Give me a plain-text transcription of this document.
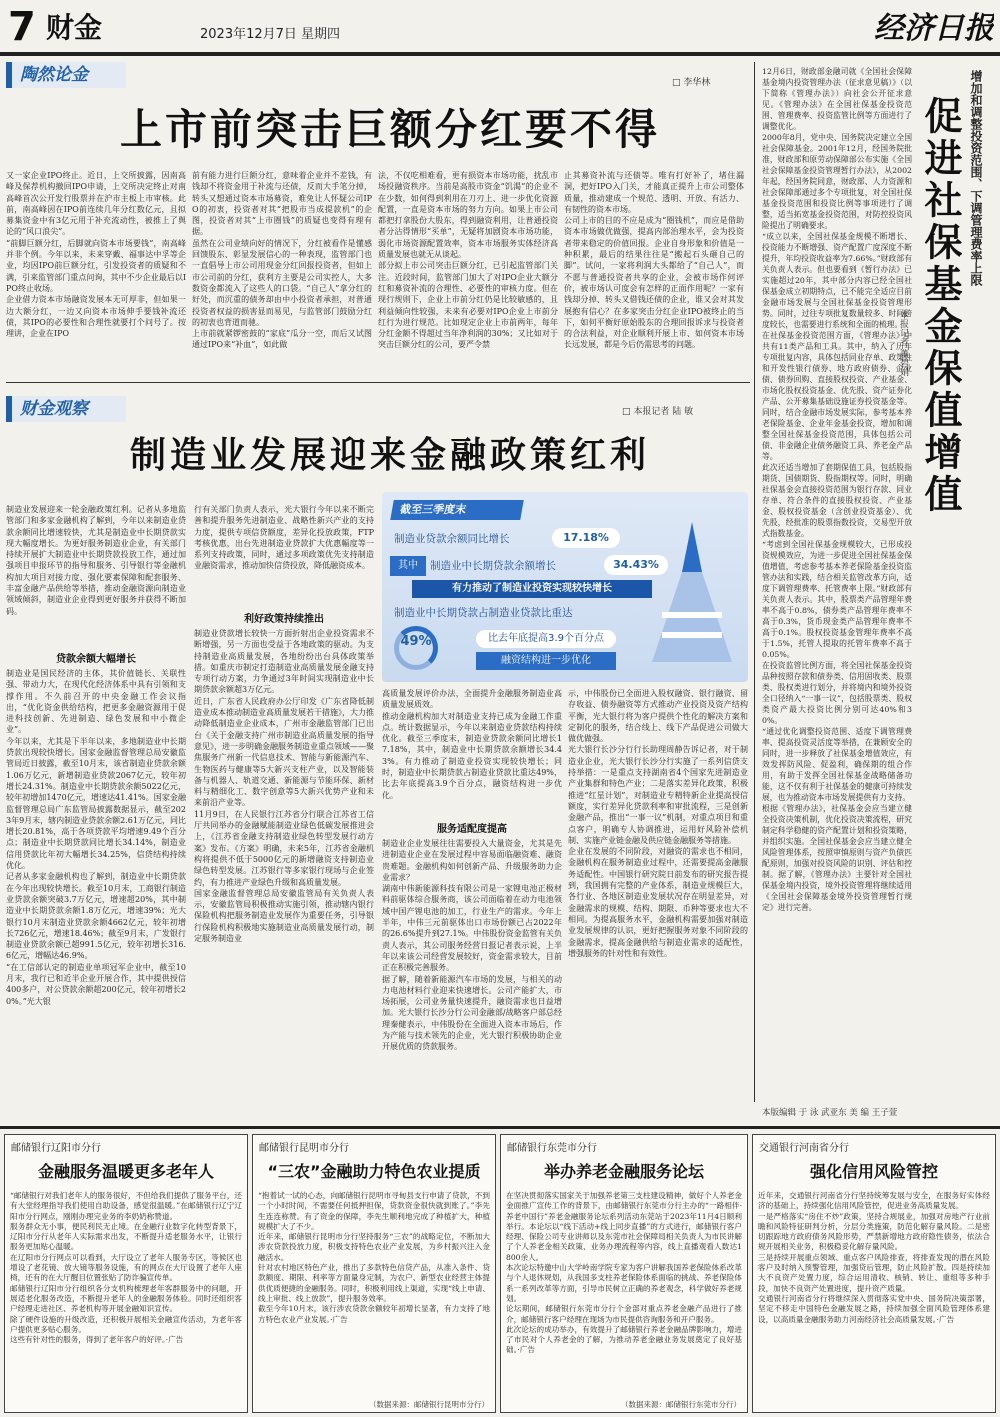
7 财金	2023年12月7日 星期四	经济日报
陶然论金	□ 李华林
上市前突击巨额分红要不得
又一家企业IPO终止。近日，上交所披露，因南高峰及保荐机构撤回IPO申请，上交所决定终止对南高峰首次公开发行股票并在沪市主板上市审核。此前，南高峰因在IPO前连续几年分红数亿元，且拟募集资金中有3亿元用于补充流动性，被推上了舆论的“风口浪尖”。
“前脚巨额分红，后脚就向资本市场要钱”，南高峰并非个例。今年以来，未来穿戴、福事达中孚等企业，均因IPO前巨额分红，引发投资者的质疑和不满，引来监管部门重点问询，其中不少企业最后以IPO终止收场。
企业借力资本市场融资发展本无可厚非，但如果一边大额分红，一边又向资本市场伸手要钱补流还债，其IPO的必要性和合理性就要打个问号了。按理讲，企业在IPO
前有能力进行巨额分红，意味着企业并不差钱，有钱却不将资金用于补流与还债，反而大手笔分掉，转头又想通过资本市场募资，难免让人怀疑公司IPO的初衷，投资者对其“把股市当成提款机”的企图，投资者对其“上市圈钱”的质疑也变得有理有据。
虽然在公司业绩向好的情况下，分红被看作是懂感回馈股东、彰显发展信心的一种表现，监管部门也一直倡导上市公司用现金分红回报投资者，但如上市公司前的分红，获利方主要是公司实控人，大多数资金都流入了这些人的口袋。“自己人”拿分红的好处，而沉重的债务却由中小投资者承担，对普通投资者权益的损害显而易见，与监管部门鼓励分红的初衷也背道而驰。
上市前就紧锣密鼓的“家底”瓜分一空，而后又试图通过IPO来“补血”，如此做
法，不仅吃相难看，更有损资本市场功能，扰乱市场投融资秩序。当前是高股市资金“饥渴”的企业不在少数，如何得到利用在刀刃上、进一步优化资源配置，一直是资本市场的努力方向。如果上市公司都把打拿股份大股东，得到融资利用，让普通投资者分沾得情形“买单”，无疑将加剧资本市场功能，弱化市场资源配置效率，资本市场服务实体经济高质量发展也就无从谈起。
部分拟上市公司突击巨额分红，已引起监管部门关注。近段时间，监管部门加大了对IPO企业大额分红和募资补流的合理性、必要性的审核力度。但在现行规则下，企业上市前分红仍是比较敏感的，且利益倾向性较强，未来有必要对IPO企业上市前分红行为进行规范。比如现定企业上市前两年，每年分红金额不得超过当年净利润的30%；又比如对于突击巨额分红的公司，要严令禁
止其募资补流与还债等。唯有打好补了，堵住漏洞，把好IPO入门关，才能真正提升上市公司整体质量，推动建成一个规范、透明、开放、有活力、有韧性的资本市场。
公司上市的目的不应是成为“圈钱机”，而应是借助资本市场做优做强，提高内部治理水平，会为投资者带来稳定的价值回报。企业自身形象和价值是一种积累，最后的结果往往是“搬起石头砸自己的脚”。试问，一家将利润大头都给了“自己人”，而不愿与普通投资者共享的企业，会被市场作何评价，被市场认可度会有怎样的正面作用呢？一家有钱却分掉、转头又借钱还债的企业，谁又会对其发展抱有信心？在多家突击分红企业IPO被终止的当下，如何平衡好原始股东的合理回报诉求与投资者的合法利益，对企业顺利开展上市、如何资本市场长远发展，都是今后仍需思考的问题。
财金观察	□ 本报记者 陆 敏
制造业发展迎来金融政策红利
制造业发展迎来一轮金融政策红利。记者从多地监管部门和多家金融机构了解到，今年以来制造业贷款余额同比增速较快，尤其是制造业中长期贷款实现大幅度增长。为更好服务制造业企业，有关部门持续开展扩大制造业中长期贷款投放工作，通过加强项目申报环节的指导和服务、引导银行等金融机构加大项目对接力度、强化要素保障和配套服务、丰富金融产品供给等举措，推动金融资源向制造业领域倾斜，制造业企业得到更好服务并获得不断加码。
贷款余额大幅增长
制造业是国民经济的主体，其价值链长、关联性强、带动力大，在现代化经济体系中具有引领和支撑作用。不久前召开的中央金融工作会议指出，“优化资金供给结构，把更多金融资源用于促进科技创新、先进制造、绿色发展和中小微企业”。
今年以来，尤其是下半年以来，多地制造业中长期贷款出现较快增长。国家金融监督管理总局安徽监管局近日披露，截至10月末，该省制造业贷款余额1.06万亿元，新增制造业贷款2067亿元，较年初增长24.31%。制造业中长期贷款余额5022亿元，较年初增加1470亿元，增速达41.41%。国家金融监督管理总局广东监管局披露数据显示，截至2023年9月末，辖内制造业贷款余额2.61万亿元，同比增长20.81%，高于各项贷款平均增速9.49个百分点；制造业中长期贷款同比增长34.14%，制造业信用贷款比年初大幅增长34.25%，信贷结构持续优化。
记者从多家金融机构也了解到，制造业中长期贷款在今年出现较快增长。截至10月末，工商银行制造业贷款余额突破3.7万亿元，增速超20%，其中制造业中长期贷款余额1.8万亿元，增速39%；光大银行10月末制造业贷款余额4662亿元，较年初增长726亿元，增速18.46%；截至9月末，广发银行制造业贷款余额已超991.5亿元，较年初增长316.6亿元，增幅达46.9%。
“在工信部认定的制造业单项冠军企业中，截至10月末，我行已和近半企业开展合作，其中提供授信400多户，对公贷款余额超200亿元，较年初增长20%。”光大银
行有关部门负责人表示，光大银行今年以来不断完善和提升服务先进制造业、战略性新兴产业的支持力度，提供专项信贷额度，差异化投放政策，FTP考核优惠，出台先进制造业贷款扩大优惠幅度等一系列支持政策，同时，通过多项政策优先支持制造业融资需求，推动加快信贷投放，降低融资成本。
利好政策持续推出
制造业贷款增长较快一方面折射出企业投资需求不断增强，另一方面也受益于各地政策的驱动。为支持制造业高质量发展，各地纷纷出台具体政策举措。如重庆市制定打造制造业高质量发展金融支持专项行动方案，力争通过3年时间实现制造业中长期贷款余额超3万亿元。
近日，广东省人民政府办公厅印发《广东省降低制造业成本推动制造业高质量发展若干措施》，大力推动降低制造业企业成本，广州市金融监管部门已出台《关于金融支持广州市制造业高质量发展的指导意见》，进一步明确金融服务制造业重点领域——聚焦服务广州新一代信息技术、智能与新能源汽车、生物医药与健康等5大新兴支柱产业，以及智能装备与机器人、轨道交通、新能源与节能环保、新材料与精细化工、数字创意等5大新兴优势产业和未来前沿产业等。
11月9日，在人民银行江苏省分行联合江苏省工信厅共同举办的金融赋能制造业绿色低碳发展推进会上，《江苏省金融支持制造业绿色转型发展行动方案》发布。《方案》明确，未来5年，江苏省金融机构将提供不低于5000亿元的新增融资支持制造业绿色转型发展。江苏银行等多家银行现场与企业签约，有力推进产业绿色升级和高质量发展。
国家金融监督管理总局安徽监管局有关负责人表示，安徽监管局积极推动实施引领，推动辖内银行保险机构把服务制造业发展作为重要任务，引导银行保险机构积极地实施制造业高质量发展行动，制定服务制造业
截至三季度末
制造业贷款余额同比增长	17.18%
其中	制造业中长期贷款余额增长	34.43%
有力推动了制造业投资实现较快增长
制造业中长期贷款占制造业贷款比重达
49%	比去年底提高3.9个百分点
融资结构进一步优化
高质量发展评价办法，全面提升金融服务制造业高质量发展质效。
推动金融机构加大对制造业支持已成为金融工作重点。统计数据显示，今年以来制造业贷款结构持续优化。截至三季度末，制造业贷款余额同比增长17.18%，其中，制造业中长期贷款余额增长34.43%。有力推动了制造业投资实现较快增长；同时，制造业中长期贷款占制造业贷款比重达49%，比去年底提高3.9个百分点，融资结构进一步优化。
服务适配度提高
制造业企业发展往往需要投入大量资金，尤其是先进制造业企业在发展过程中容易面临融资难、融资贵难题。金融机构如何创新产品、升级服务助力企业需求？
湖南中伟新能源科技有限公司是一家锂电池正极材料前驱体综合服务商，该公司面临着在动力电池领域中国产锂电池的加工，行业生产的需求。今年上半年，中伟三元前驱体出口市场份额已占2022年的26.6%提升到27.1%。中伟股份资金监管有关负责人表示，其公司服务经营日报记者表示说，上半年以来该公司经营发展较好，资金需求较大，目前正在积极完善服务。
据了解，随着新能源汽车市场的发展，与相关的动力电池材料行业迎来快速增长。公司产能扩大，市场拓展，公司业务量快速提升，融资需求也日益增加。光大银行长沙分行公司金融部/战略客户部总经理秦健表示，中伟股份在全面进入资本市场后，作为产能与技术领先的企业，光大银行积极协助企业开展优质的贷款服务。
示，中伟股份已全面进入股权融资、银行融资、留存收益、债券融资等方式推动产业投资及资产结构平衡，光大银行将为客户提供个性化的解决方案和定制化的服务，结合线上、线下产品促进公司做大做优做强。
光大银行长沙分行行长助理周静告诉记者，对于制造业企业，光大银行长沙分行实施了一系列信贷支持举措：一是重点支持湖南省4个国家先进制造业产业集群和特色产业；二是落实差异化政策，积极推进“红星计划”，对制造业专精特新企业提高授信额度，实行差异化贷款利率和审批流程，三是创新金融产品，推出“一事一议”机制，对重点项目和重点客户，明确专人协调推进，运用好风险补偿机制、实施产业链金融及供应链金融服务等措施。
企业在发展的不同阶段，对融资的需求也不相同，金融机构在服务制造业过程中，还需要提高金融服务适配性。中国银行研究院日前发布的研究报告提到，我国拥有完整的产业体系，制造业规模巨大，各行业、各地区制造业发展状况存在明显差异，对金融需求的规模、结构、期限、币种等要求也大不相同。为提高服务水平，金融机构需要加强对制造业发展规律的认识，更好把握服务对象不同阶段的金融需求，提高金融供给与制造业需求的适配性，增强服务的针对性和有效性。
12月6日，财政部金融司就《全国社会保障基金境内投资管理办法（征求意见稿）》（以下简称《管理办法》）向社会公开征求意见。《管理办法》在全国社保基金投资范围、管理费率、投资监管比例等方面进行了调整优化。
2000年8月，党中央、国务院决定建立全国社会保障基金。2001年12月，经国务院批准，财政部和原劳动保障部公布实施《全国社会保障基金投资管理暂行办法》，从2002年起，经国务院同意，财政部、人力资源和社会保障部通过多个专项批复，对全国社保基金投资范围和投资比例等事项进行了调整，适当拓宽基金投资范围，对防控投资风险提出了明确要求。
“成立以来，全国社保基金规模不断增长、投资能力不断增强、资产配置广度深度不断提升，年均投资收益率为7.66%。”财政部有关负责人表示。但也要看到《暂行办法》已实施超过20年，其中部分内容已经全国社保基金成立初期特点，已不能完全适应目前金融市场发展与全国社保基金投资管理形势。同时，过往专项批复数量较多、时间跨度较长，也需要进行系统和全面的梳理。
在社保基金投资范围方面，《管理办法》中共有11类产品和工具。其中，纳入了历年专项批复内容，具体包括同业存单、政策性和开发性银行债券、地方政府债券、企业债、债券回购、直接股权投资、产业基金、市场化股权投资基金、优先股、资产证券化产品、公开募集基础设施证券投资基金等。同时，结合金融市场发展实际，参考基本养老保险基金、企业年金基金投资，增加和调整全国社保基金投资范围，具体包括公司债、非金融企业债务融资工具、养老金产品等。
此次还适当增加了套期保值工具，包括股指期货、国债期货、股指期权等。同时，明确社保基金会直接投资范围为银行存款、同业存单、符合条件的直接股权投资、产业基金、股权投资基金（含创业投资基金）、优先股，经批准的股票指数投资，交易型开放式指数基金。
“考虑到全国社保基金规模较大，已形成投资规模效应，为进一步促进全国社保基金保值增值，考虑参考基本养老保险基金投资监管办法和实践，结合相关监管改革方向，适度下调管理费率、托管费率上限。”财政部有关负责人表示。其中，股票类产品管理年费率不高于0.8%，债券类产品管理年费率不高于0.3%，货币现金类产品管理年费率不高于0.1%。股权投资基金管理年费率不高于1.5%，托管人提取的托管年费率不高于0.05%。
在投资监管比例方面，将全国社保基金投资品种按照存款和债券类、信用固收类、股票类、股权类进行划分，并将境内和境外投资全口径纳入“一事一议”，包括股票类、股权类资产最大投资比例分别可达40%和30%。
“通过优化调整投资范围、适度下调管理费率、提高投资灵活度等举措，在兼顾安全的同时，进一步释放了社保基金增值效应，有效发挥防风险、促盈利，确保期的组合作用，有助于发挥全国社保基金战略储备功能，这不仅有利于社保基金的健康可持续发展，也为推动资本市场发展提供有力支持。
根据《管理办法》，社保基金会应当建立健全投资决策机制，优化投资决策流程，研究制定科学稳健的资产配置计划和投资策略，并组织实施。全国社保基金会应当建立健全风险管理体系，按照审慎原则与资产负债匹配原则，加强对投资风险的识别、评估和控制。据了解，《管理办法》主要针对全国社保基金境内投资，境外投资管理将继续适用《全国社会保障基金境外投资管理暂行规定》进行完善。
增加和调整投资范围、下调管理费率上限
促进社保基金保值增值
本报记者 董碧娟
本版编辑 于 泳 武亚东 美 编 王子萱
邮储银行辽阳市分行
金融服务温暖更多老年人
“邮储银行对我们老年人的服务很好，不但给我们提供了服务平台，还有大堂经理指导我们使用自助设备，感觉很温暖。”在邮储银行辽宁辽阳市分行网点，刚刚办理完业务的李奶奶称赞道。
服务群众无小事，便民利民无止境。在金融行业数字化转型背景下，辽阳市分行从老年人实际需求出发，不断提升适老服务水平，让银行服务更加贴心温暖。
在辽阳市分行网点可以看到，大厅设立了老年人服务专区，等候区也增设了老花镜、放大镜等服务设施，有的网点在大厅设置了老年人座椅，还有的在大厅醒目位置张贴了防诈骗宣传单。
邮储银行辽阳市分行组织各分支机构梳理老年客群服务中的问题，开展适老化服务改造，不断提升老年人的金融服务体验。同时还组织客户经理走进社区、养老机构等开展金融知识宣传。
除了硬件设施的升级改造，还积极开展相关金融宣传活动，为老年客户提供更多贴心服务。
这些有针对性的服务，得到了老年客户的好评。·广告
邮储银行昆明市分行
“三农”金融助力特色农业提质
“抱着试一试的心态，向邮储银行昆明市寻甸县支行申请了贷款，不到一个小时时间，不需要任何抵押担保，贷款资金很快就到账了。”李先生连连称赞。有了资金的保障，李先生顺利地完成了种植扩大，种植规模扩大了不少。
近年来，邮储银行昆明市分行坚持服务“三农”的战略定位，不断加大涉农贷款投放力度，积极支持特色农业产业发展，为乡村振兴注入金融活水。
针对农村地区特色产业，推出了多款特色信贷产品，从准入条件、贷款额度、期限、利率等方面量身定制，为农户、新型农业经营主体提供优质便捷的金融服务。同时，积极利用线上渠道，实现“线上申请、线上审批、线上放款”，提升服务效率。
截至今年10月末，该行涉农贷款余额较年初增长显著，有力支持了地方特色农业产业发展。·广告
（数据来源：邮储银行昆明市分行）
邮储银行东莞市分行
举办养老金融服务论坛
在坚决贯彻落实国家关于加强养老第三支柱建设精神，做好个人养老金金面推广宣传工作的背景下，由邮储银行东莞市分行主办的“一路相伴·养老中国行”养老金融服务论坛系列活动东莞站于2023年11月4日顺利举行。本论坛以“线下活动+线上同步直播”的方式进行，邮储银行客户经理、保险公司专业讲师以及东莞市社会保障局相关负责人为市民讲解了个人养老金相关政策、业务办理流程等内容，线上直播观看人数达1800余人。
本次论坛特邀中山大学岭南学院专家为客户讲解我国养老保险体系改革与个人退休规划，从我国多支柱养老保险体系面临的挑战、养老保险体系一系列改革等方面，引导市民树立正确的养老观念，科学做好养老规划。
论坛期间，邮储银行东莞市分行个金部对重点养老金融产品进行了推介，邮储银行客户经理在现场为市民提供咨询服务和开户服务。
此次论坛的成功举办，有效提升了邮储银行养老金融品牌影响力，增进了市民对个人养老金的了解，为推动养老金融业务发展奠定了良好基础。·广告
（数据来源：邮储银行东莞市分行）
交通银行河南省分行
强化信用风险管控
近年来，交通银行河南省分行坚持统筹发展与安全，在服务好实体经济的基础上，持续强化信用风险管控，促进业务高质量发展。
一是严格落实“房住不炒”政策，坚持合规展业，加强对房地产行业前瞻和风险特征研判分析，分层分类施策，防范化解存量风险。二是密切跟踪地方政府债务风险形势，严禁新增地方政府隐性债务，依法合规开展相关业务，积极稳妥化解存量风险。
三是持续开展重点领域、重点客户风险排查，将排查发现的潜在风险客户及时纳入预警管理，加强贷后管理，防止风险扩散。四是持续加大不良资产处置力度，综合运用清收、核销、转让、重组等多种手段，加快不良资产处置进度，提升资产质量。
交通银行河南省分行将继续深入贯彻落实党中央、国务院决策部署，坚定不移走中国特色金融发展之路，持续加强全面风险管理体系建设，以高质量金融服务助力河南经济社会高质量发展。·广告
